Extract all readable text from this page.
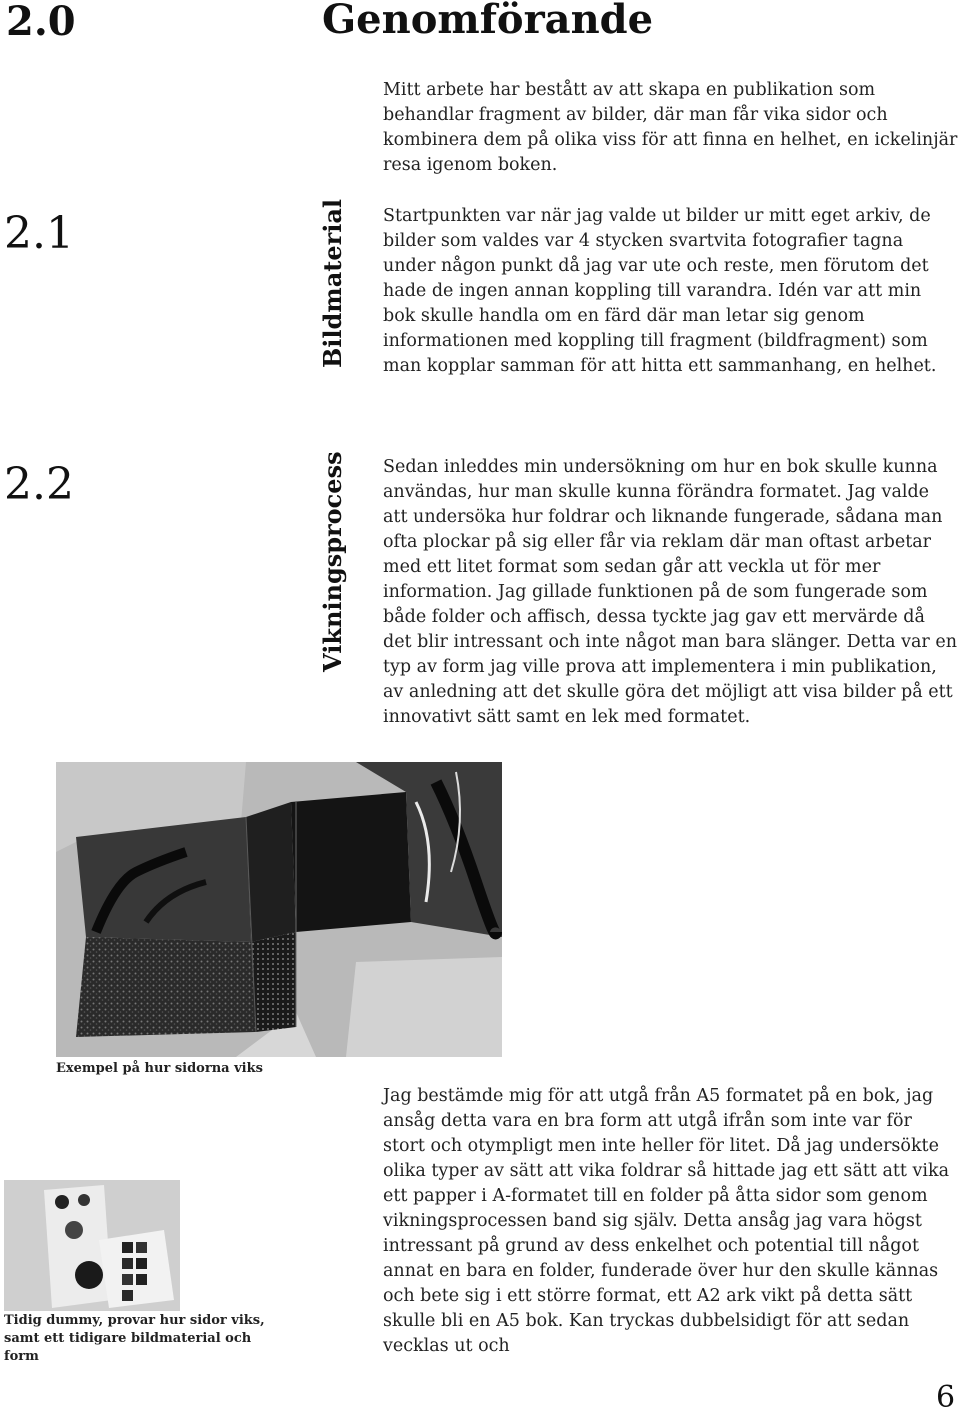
2.0	Genomförande
Mitt arbete har bestått av att skapa en publikation som behandlar fragment av bilder, där man får vika sidor och kombinera dem på olika viss för att finna en helhet, en ickelinjär resa igenom boken.
2.1	Bildmaterial Startpunkten var när jag valde ut bilder ur mitt eget arkiv, de bilder som valdes var 4 stycken svartvita fotografier tagna under någon punkt då jag var ute och reste, men förutom det hade de ingen annan koppling till varandra. Idén var att min bok skulle handla om en färd där man letar sig genom informationen med koppling till fragment (bildfragment) som man kopplar samman för att hitta ett sammanhang, en helhet.
2.2	Vikningsprocess Sedan inleddes min undersökning om hur en bok skulle kunna användas, hur man skulle kunna förändra formatet. Jag valde att undersöka hur foldrar och liknande fungerade, sådana man ofta plockar på sig eller får via reklam där man oftast arbetar med ett litet format som sedan går att veckla ut för mer information. Jag gillade funktionen på de som fungerade som både folder och affisch, dessa tyckte jag gav ett mervärde då det blir intressant och inte något man bara slänger. Detta var en typ av form jag ville prova att implementera i min publikation, av anledning att det skulle göra det möjligt att visa bilder på ett innovativt sätt samt en lek med formatet.
Exempel på hur sidorna viks
Tidig dummy, provar hur sidor viks, samt ett tidigare bildmaterial och form
Jag bestämde mig för att utgå från A5 formatet på en bok, jag ansåg detta vara en bra form att utgå ifrån som inte var för stort och otympligt men inte heller för litet. Då jag undersökte olika typer av sätt att vika foldrar så hittade jag ett sätt att vika ett papper i A-formatet till en folder på åtta sidor som genom vikningsprocessen band sig själv. Detta ansåg jag vara högst intressant på grund av dess enkelhet och potential till något annat en bara en folder, funderade över hur den skulle kännas och bete sig i ett större format, ett A2 ark vikt på detta sätt skulle bli en A5 bok. Kan tryckas dubbelsidigt för att sedan vecklas ut och
6
